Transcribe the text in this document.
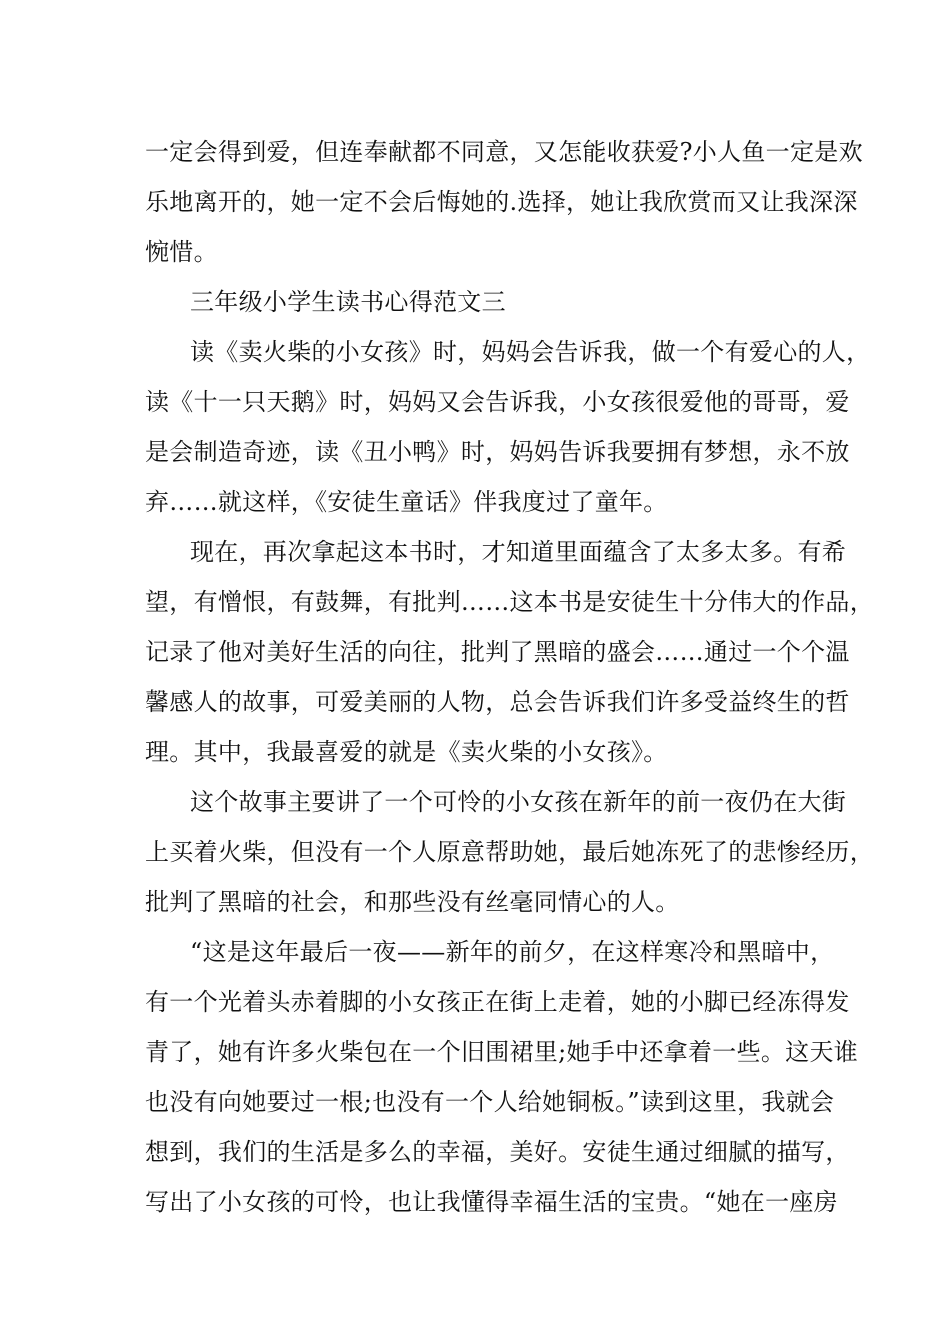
一定会得到爱，但连奉献都不同意，又怎能收获爱?小人鱼一定是欢
乐地离开的，她一定不会后悔她的.选择，她让我欣赏而又让我深深
惋惜。
三年级小学生读书心得范文三
读《卖火柴的小女孩》时，妈妈会告诉我，做一个有爱心的人，
读《十一只天鹅》时，妈妈又会告诉我，小女孩很爱他的哥哥，爱
是会制造奇迹，读《丑小鸭》时，妈妈告诉我要拥有梦想，永不放
弃……就这样，《安徒生童话》伴我度过了童年。
现在，再次拿起这本书时，才知道里面蕴含了太多太多。有希
望，有憎恨，有鼓舞，有批判……这本书是安徒生十分伟大的作品，
记录了他对美好生活的向往，批判了黑暗的盛会……通过一个个温
馨感人的故事，可爱美丽的人物，总会告诉我们许多受益终生的哲
理。其中，我最喜爱的就是《卖火柴的小女孩》。
这个故事主要讲了一个可怜的小女孩在新年的前一夜仍在大街
上买着火柴，但没有一个人原意帮助她，最后她冻死了的悲惨经历，
批判了黑暗的社会，和那些没有丝毫同情心的人。
“这是这年最后一夜——新年的前夕，在这样寒冷和黑暗中，
有一个光着头赤着脚的小女孩正在街上走着，她的小脚已经冻得发
青了，她有许多火柴包在一个旧围裙里;她手中还拿着一些。这天谁
也没有向她要过一根;也没有一个人给她铜板。”读到这里，我就会
想到，我们的生活是多么的幸福，美好。安徒生通过细腻的描写，
写出了小女孩的可怜，也让我懂得幸福生活的宝贵。“她在一座房
